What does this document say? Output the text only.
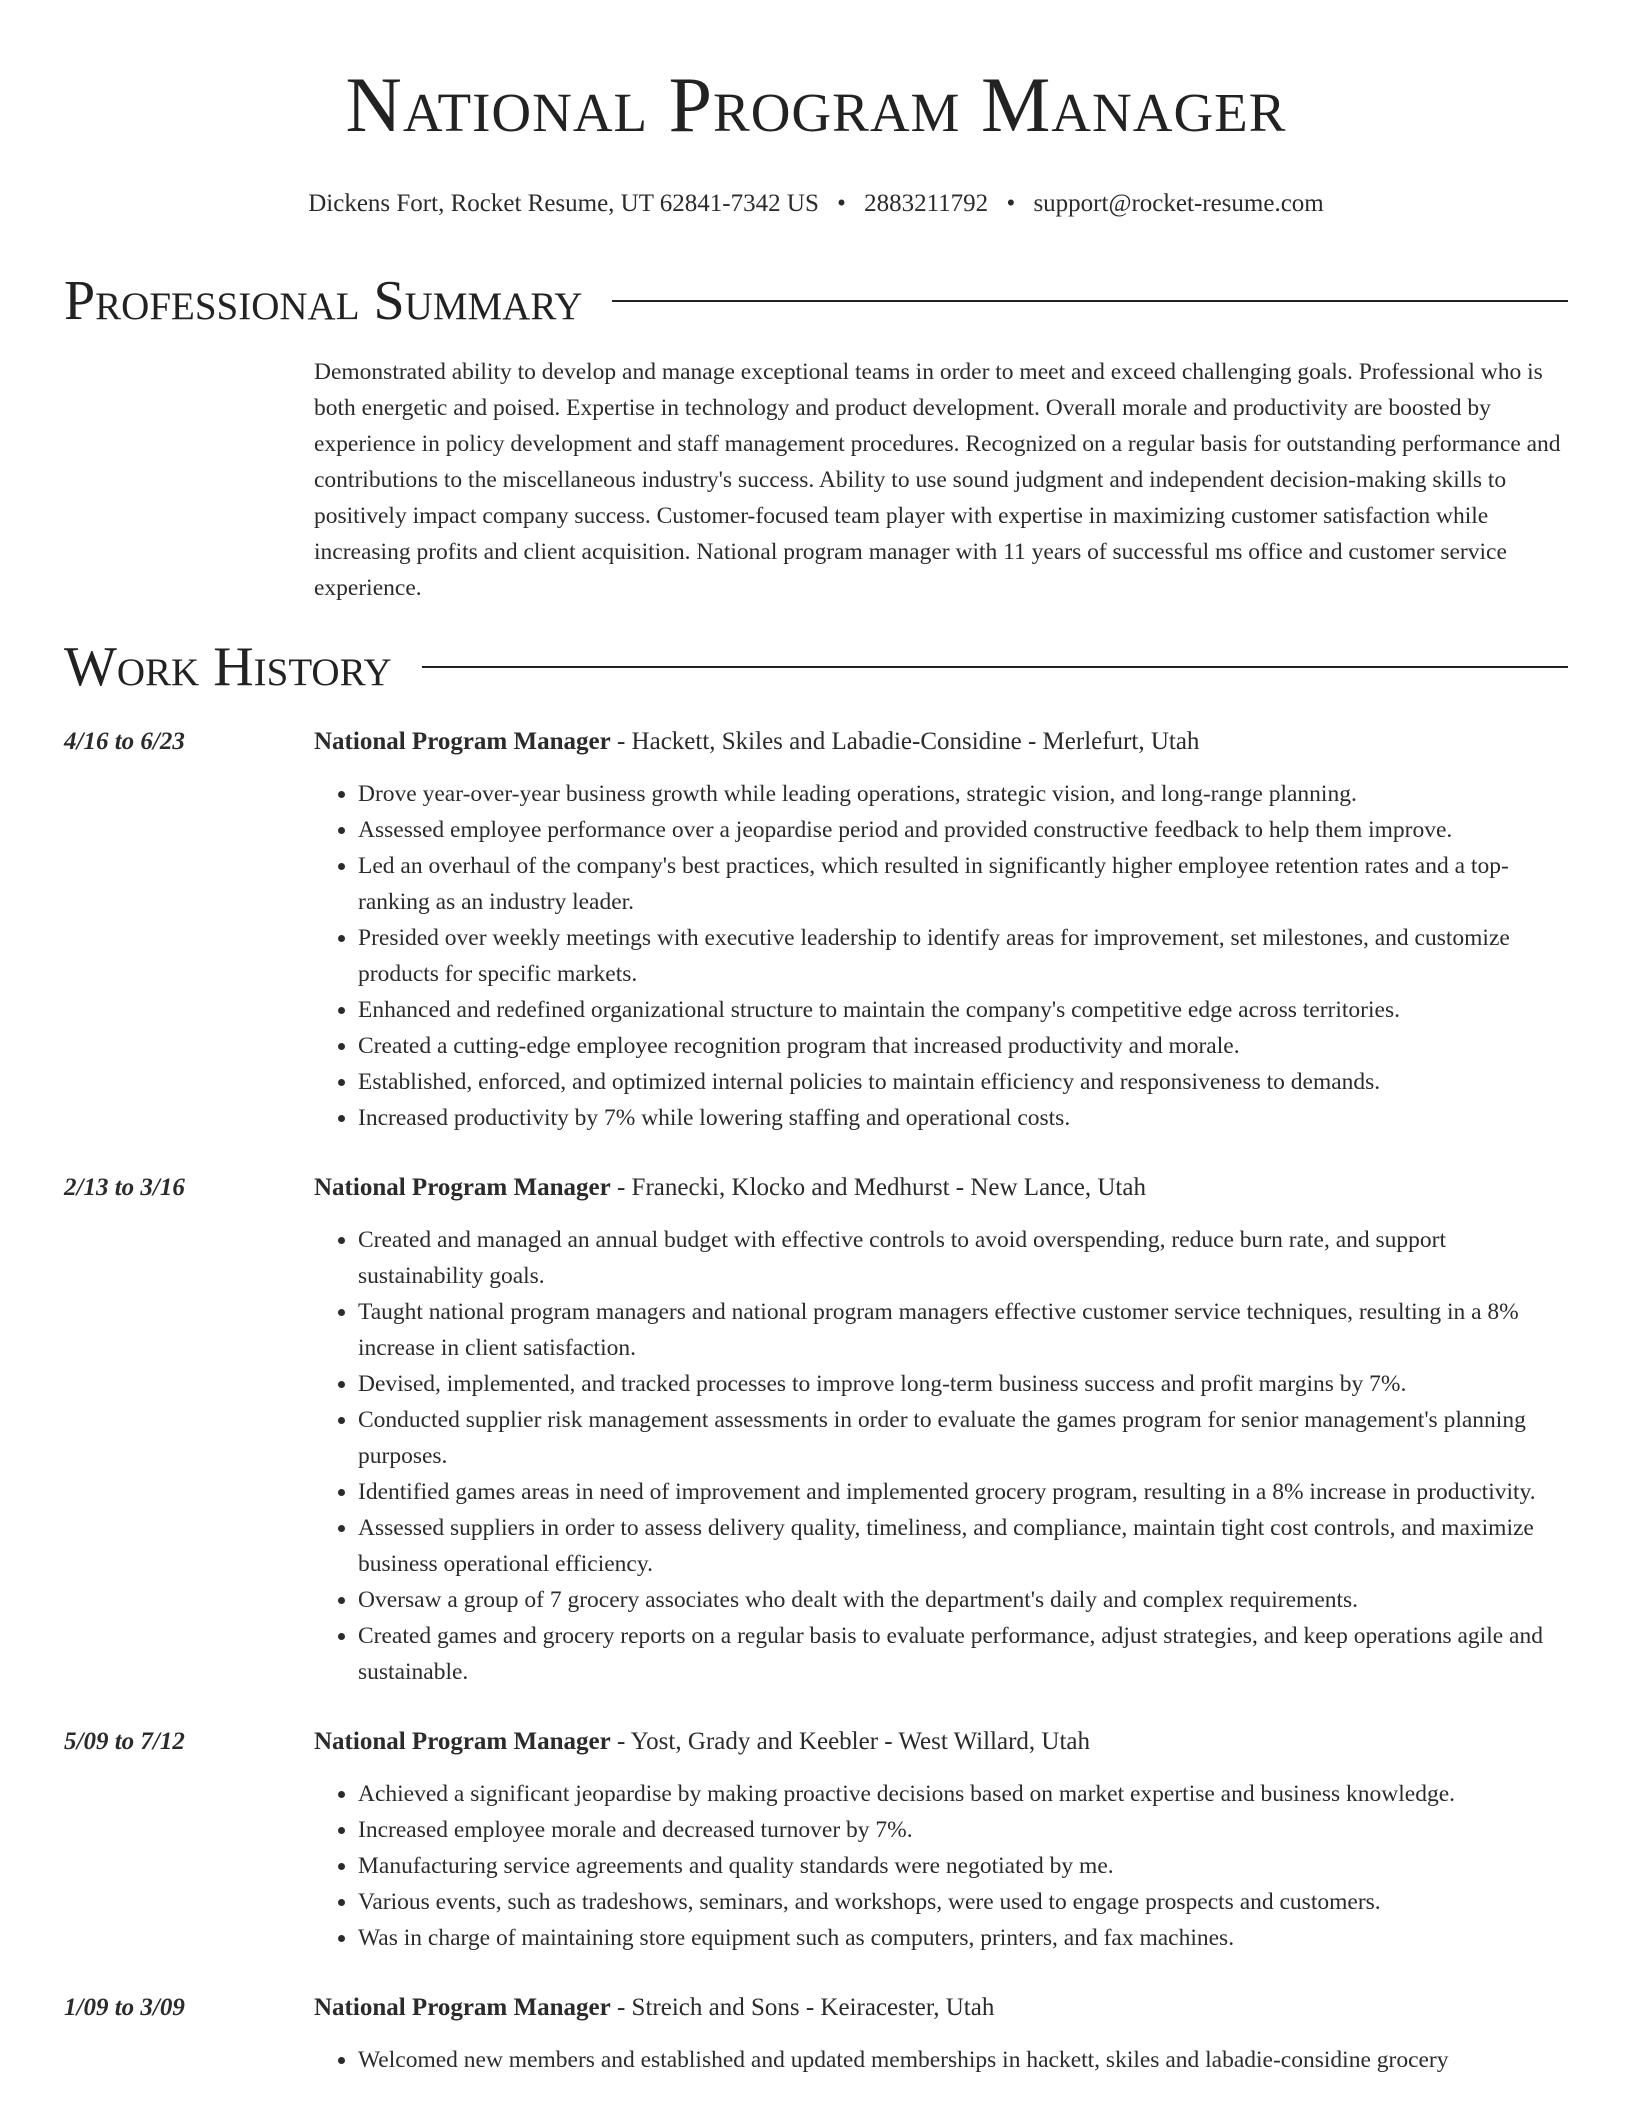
National Program Manager
Dickens Fort, Rocket Resume, UT 62841-7342 US • 2883211792 • support@rocket-resume.com
Professional Summary

Demonstrated ability to develop and manage exceptional teams in order to meet and exceed challenging goals. Professional who is both energetic and poised. Expertise in technology and product development. Overall morale and productivity are boosted by experience in policy development and staff management procedures. Recognized on a regular basis for outstanding performance and contributions to the miscellaneous industry's success. Ability to use sound judgment and independent decision-making skills to positively impact company success. Customer-focused team player with expertise in maximizing customer satisfaction while increasing profits and client acquisition. National program manager with 11 years of successful ms office and customer service experience.

Work History
4/16 to 6/23	National Program Manager - Hackett, Skiles and Labadie-Considine - Merlefurt, Utah
• Drove year-over-year business growth while leading operations, strategic vision, and long-range planning.
• Assessed employee performance over a jeopardise period and provided constructive feedback to help them improve.
• Led an overhaul of the company's best practices, which resulted in significantly higher employee retention rates and a top-ranking as an industry leader.
• Presided over weekly meetings with executive leadership to identify areas for improvement, set milestones, and customize products for specific markets.
• Enhanced and redefined organizational structure to maintain the company's competitive edge across territories.
• Created a cutting-edge employee recognition program that increased productivity and morale.
• Established, enforced, and optimized internal policies to maintain efficiency and responsiveness to demands.
• Increased productivity by 7% while lowering staffing and operational costs.
2/13 to 3/16	National Program Manager - Franecki, Klocko and Medhurst - New Lance, Utah
• Created and managed an annual budget with effective controls to avoid overspending, reduce burn rate, and support sustainability goals.
• Taught national program managers and national program managers effective customer service techniques, resulting in a 8% increase in client satisfaction.
• Devised, implemented, and tracked processes to improve long-term business success and profit margins by 7%.
• Conducted supplier risk management assessments in order to evaluate the games program for senior management's planning purposes.
• Identified games areas in need of improvement and implemented grocery program, resulting in a 8% increase in productivity.
• Assessed suppliers in order to assess delivery quality, timeliness, and compliance, maintain tight cost controls, and maximize business operational efficiency.
• Oversaw a group of 7 grocery associates who dealt with the department's daily and complex requirements.
• Created games and grocery reports on a regular basis to evaluate performance, adjust strategies, and keep operations agile and sustainable.
5/09 to 7/12	National Program Manager - Yost, Grady and Keebler - West Willard, Utah
• Achieved a significant jeopardise by making proactive decisions based on market expertise and business knowledge.
• Increased employee morale and decreased turnover by 7%.
• Manufacturing service agreements and quality standards were negotiated by me.
• Various events, such as tradeshows, seminars, and workshops, were used to engage prospects and customers.
• Was in charge of maintaining store equipment such as computers, printers, and fax machines.
1/09 to 3/09	National Program Manager - Streich and Sons - Keiracester, Utah
• Welcomed new members and established and updated memberships in hackett, skiles and labadie-considine grocery
